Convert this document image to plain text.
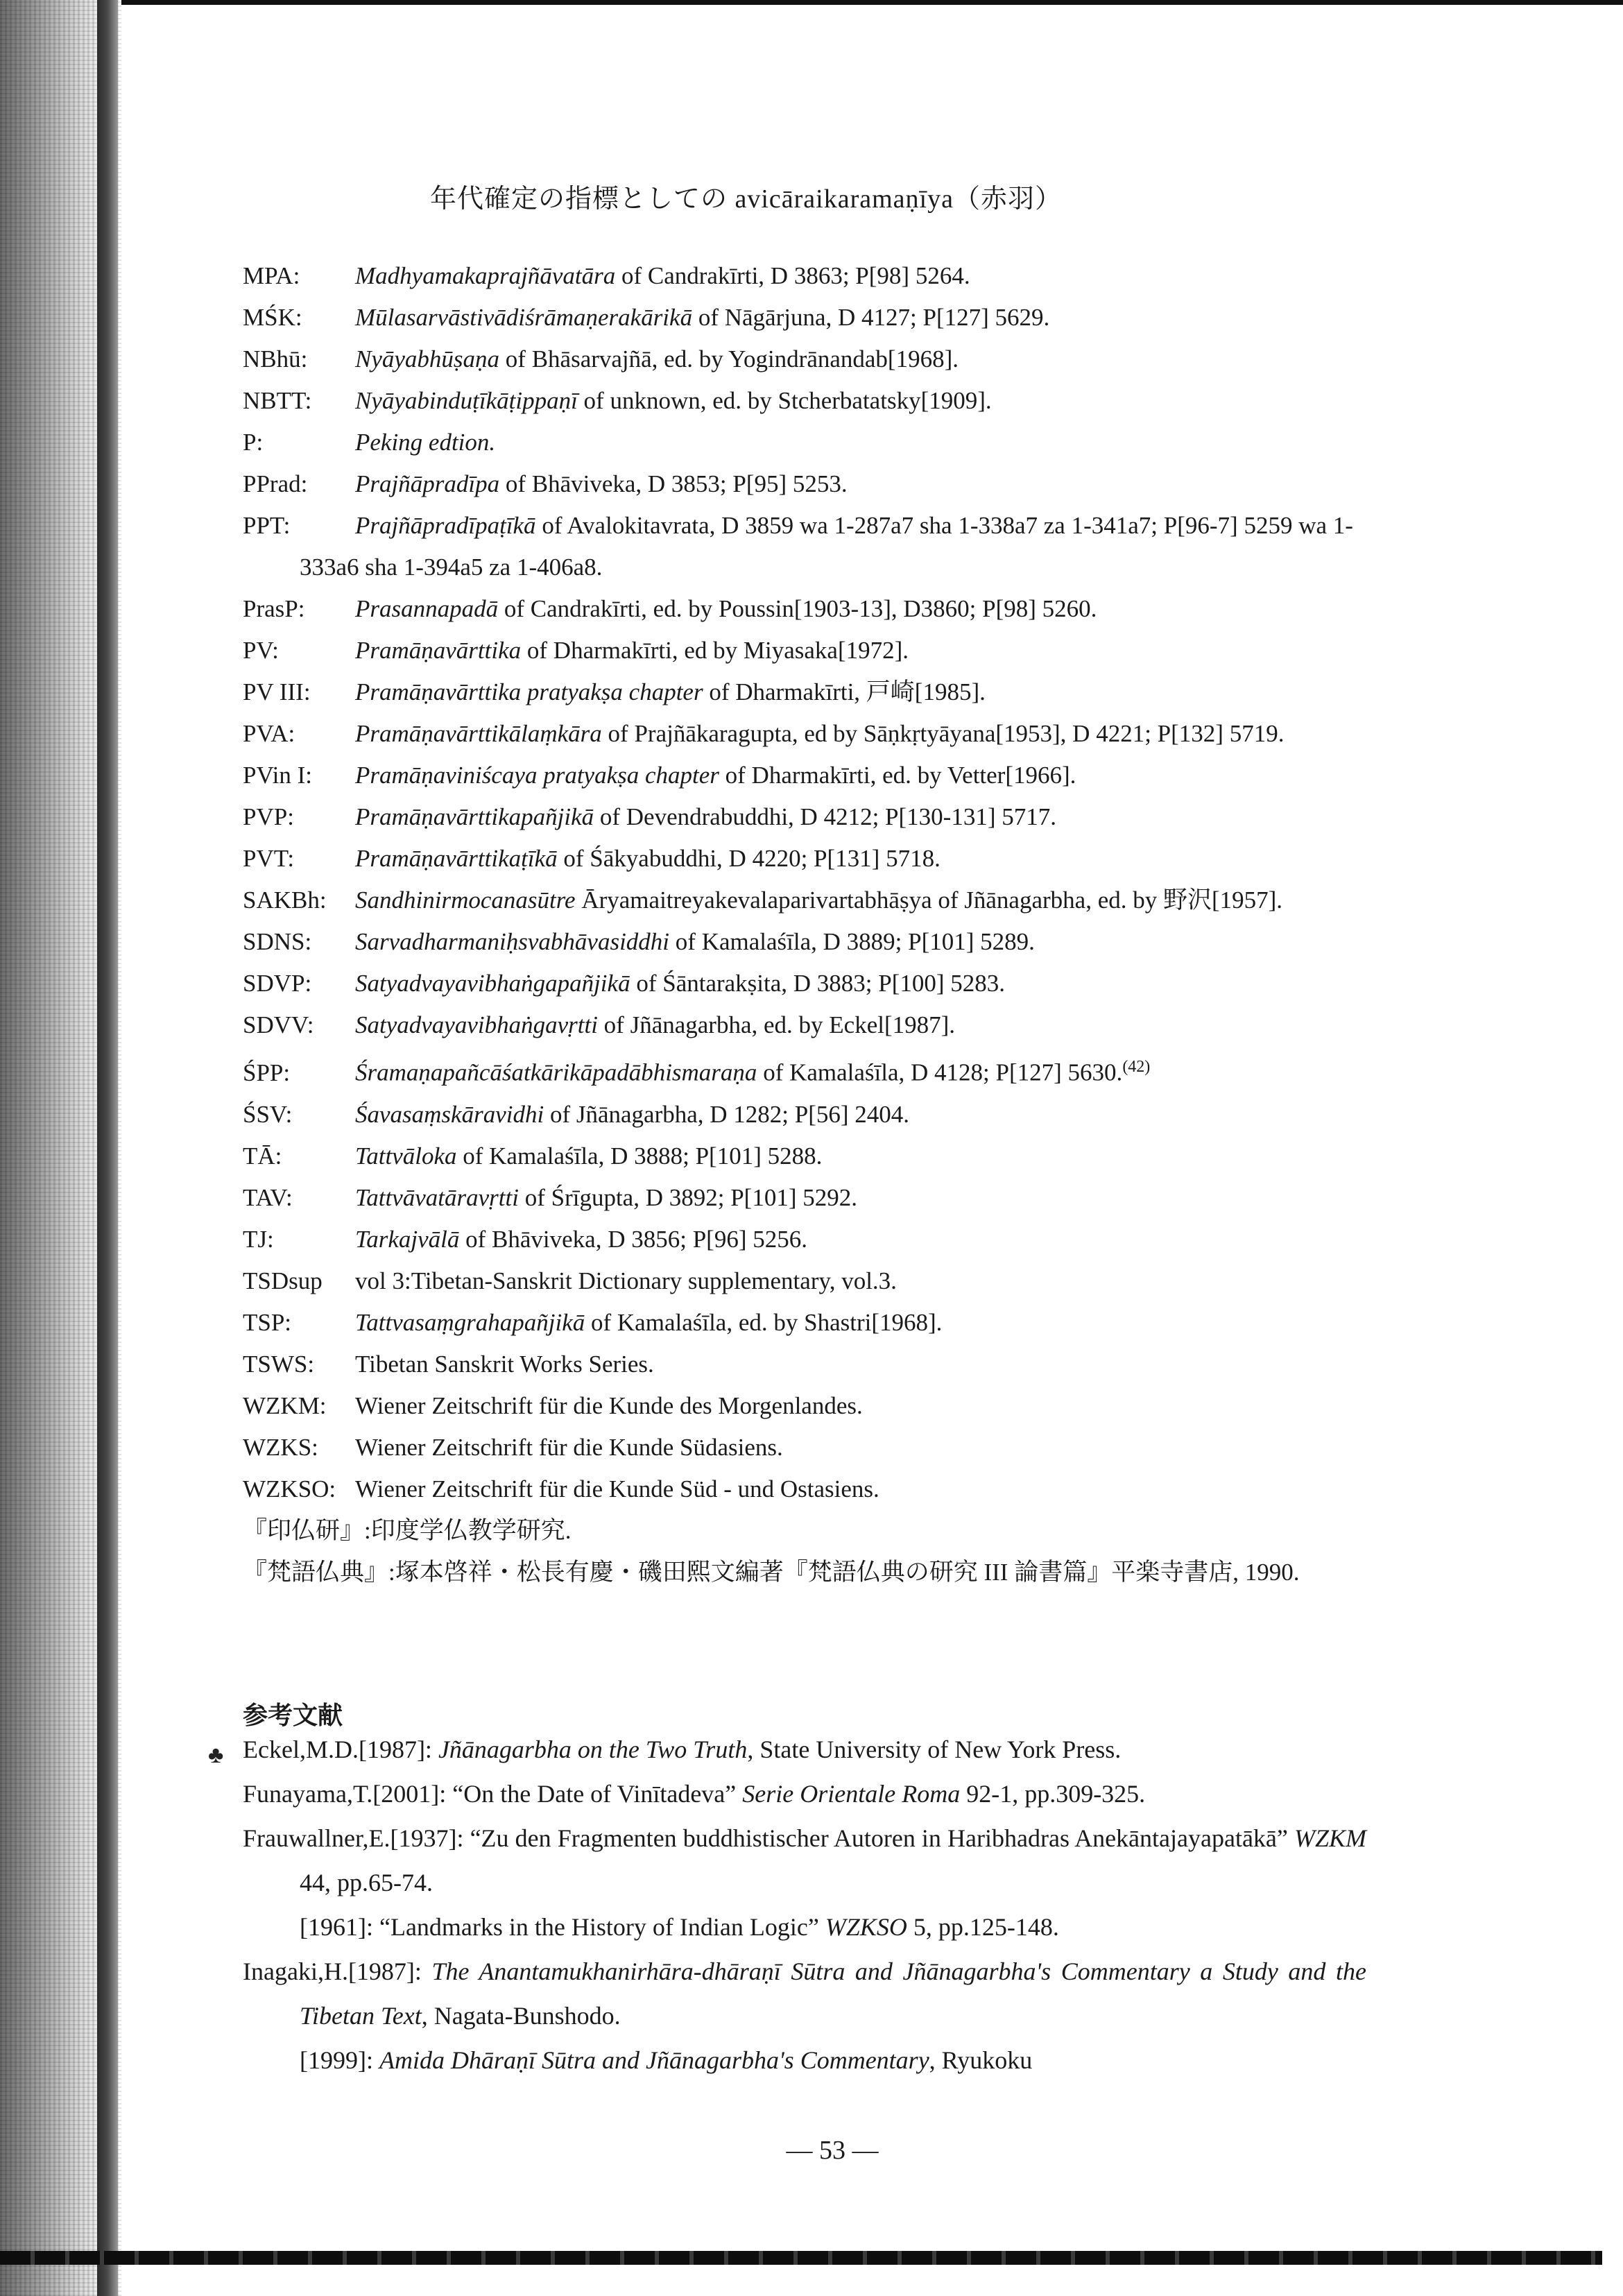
年代確定の指標としての avicāraikaramaṇīya（赤羽）
MPA: Madhyamakaprajñāvatāra of Candrakīrti, D 3863; P[98] 5264.
MŚK: Mūlasarvāstivādiśrāmaṇerakārikā of Nāgārjuna, D 4127; P[127] 5629.
NBhū: Nyāyabhūṣaṇa of Bhāsarvajñā, ed. by Yogindrānandab[1968].
NBTT: Nyāyabinduṭīkāṭippaṇī of unknown, ed. by Stcherbatatsky[1909].
P:	Peking edtion.
PPrad: Prajñāpradīpa of Bhāviveka, D 3853; P[95] 5253.
PPT:	Prajñāpradīpaṭīkā of Avalokitavrata, D 3859 wa 1-287a7 sha 1-338a7 za 1-341a7; P[96-7] 5259 wa 1-333a6 sha 1-394a5 za 1-406a8.
PrasP: Prasannapadā of Candrakīrti, ed. by Poussin[1903-13], D3860; P[98] 5260.
PV:	Pramāṇavārttika of Dharmakīrti, ed by Miyasaka[1972].
PV III: Pramāṇavārttika pratyakṣa chapter of Dharmakīrti, 戸崎[1985].
PVA: Pramāṇavārttikālaṃkāra of Prajñākaragupta, ed by Sāṇkṛtyāyana[1953], D 4221; P[132] 5719.
PVin I: Pramāṇaviniścaya pratyakṣa chapter of Dharmakīrti, ed. by Vetter[1966].
PVP:	Pramāṇavārttikapañjikā of Devendrabuddhi, D 4212; P[130-131] 5717.
PVT:	Pramāṇavārttikaṭīkā of Śākyabuddhi, D 4220; P[131] 5718.
SAKBh: Sandhinirmocanasūtre Āryamaitreyakevalaparivartabhāṣya of Jñānagarbha, ed. by 野沢[1957].
SDNS: Sarvadharmaniḥsvabhāvasiddhi of Kamalaśīla, D 3889; P[101] 5289.
SDVP: Satyadvayavibhaṅgapañjikā of Śāntarakṣita, D 3883; P[100] 5283.
SDVV: Satyadvayavibhaṅgavṛtti of Jñānagarbha, ed. by Eckel[1987].
ŚPP:	Śramaṇapañcāśatkārikāpadābhismaraṇa of Kamalaśīla, D 4128; P[127] 5630.$^{(42)}$
ŚSV:	Śavasaṃskāravidhi of Jñānagarbha, D 1282; P[56] 2404.
TĀ:	Tattvāloka of Kamalaśīla, D 3888; P[101] 5288.
TAV:	Tattvāvatāravṛtti of Śrīgupta, D 3892; P[101] 5292.
TJ:	Tarkajvālā of Bhāviveka, D 3856; P[96] 5256.
TSDsup vol 3:Tibetan-Sanskrit Dictionary supplementary, vol.3.
TSP:	Tattvasaṃgrahapañjikā of Kamalaśīla, ed. by Shastri[1968].
TSWS: Tibetan Sanskrit Works Series.
WZKM: Wiener Zeitschrift für die Kunde des Morgenlandes.
WZKS: Wiener Zeitschrift für die Kunde Südasiens.
WZKSO: Wiener Zeitschrift für die Kunde Süd - und Ostasiens.
『印仏研』:印度学仏教学研究.
『梵語仏典』:塚本啓祥・松長有慶・磯田熙文編著『梵語仏典の研究 III 論書篇』平楽寺書店, 1990.
参考文献
♣ Eckel,M.D.[1987]: Jñānagarbha on the Two Truth, State University of New York Press.
Funayama,T.[2001]: “On the Date of Vinītadeva” Serie Orientale Roma 92-1, pp.309-325.
Frauwallner,E.[1937]: “Zu den Fragmenten buddhistischer Autoren in Haribhadras Anekāntajayapatākā” WZKM 44, pp.65-74.
[1961]: “Landmarks in the History of Indian Logic” WZKSO 5, pp.125-148.
Inagaki,H.[1987]: The Anantamukhanirhāra-dhāraṇī Sūtra and Jñānagarbha's Commentary a Study and the Tibetan Text, Nagata-Bunshodo.
[1999]: Amida Dhāraṇī Sūtra and Jñānagarbha's Commentary, Ryukoku
— 53 —
